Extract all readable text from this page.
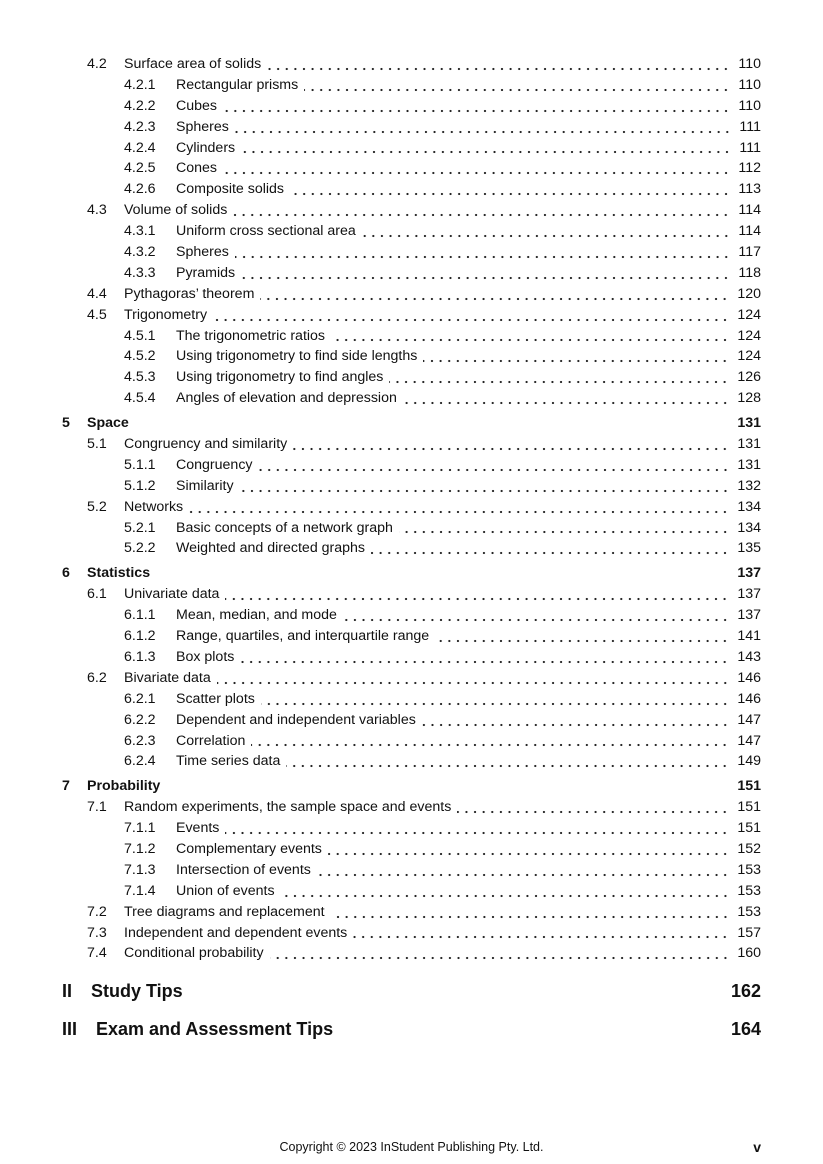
4.2 Surface area of solids	110
4.2.1 Rectangular prisms	110
4.2.2 Cubes	110
4.2.3 Spheres	111
4.2.4 Cylinders	111
4.2.5 Cones	112
4.2.6 Composite solids	113
4.3 Volume of solids	114
4.3.1 Uniform cross sectional area	114
4.3.2 Spheres	117
4.3.3 Pyramids	118
4.4 Pythagoras’ theorem	120
4.5 Trigonometry	124
4.5.1 The trigonometric ratios	124
4.5.2 Using trigonometry to find side lengths	124
4.5.3 Using trigonometry to find angles	126
4.5.4 Angles of elevation and depression	128
5 Space	131
5.1 Congruency and similarity	131
5.1.1 Congruency	131
5.1.2 Similarity	132
5.2 Networks	134
5.2.1 Basic concepts of a network graph	134
5.2.2 Weighted and directed graphs	135
6 Statistics	137
6.1 Univariate data	137
6.1.1 Mean, median, and mode	137
6.1.2 Range, quartiles, and interquartile range	141
6.1.3 Box plots	143
6.2 Bivariate data	146
6.2.1 Scatter plots	146
6.2.2 Dependent and independent variables	147
6.2.3 Correlation	147
6.2.4 Time series data	149
7 Probability	151
7.1 Random experiments, the sample space and events	151
7.1.1 Events	151
7.1.2 Complementary events	152
7.1.3 Intersection of events	153
7.1.4 Union of events	153
7.2 Tree diagrams and replacement	153
7.3 Independent and dependent events	157
7.4 Conditional probability	160
II Study Tips	162
III Exam and Assessment Tips	164
Copyright © 2023 InStudent Publishing Pty. Ltd.	v
